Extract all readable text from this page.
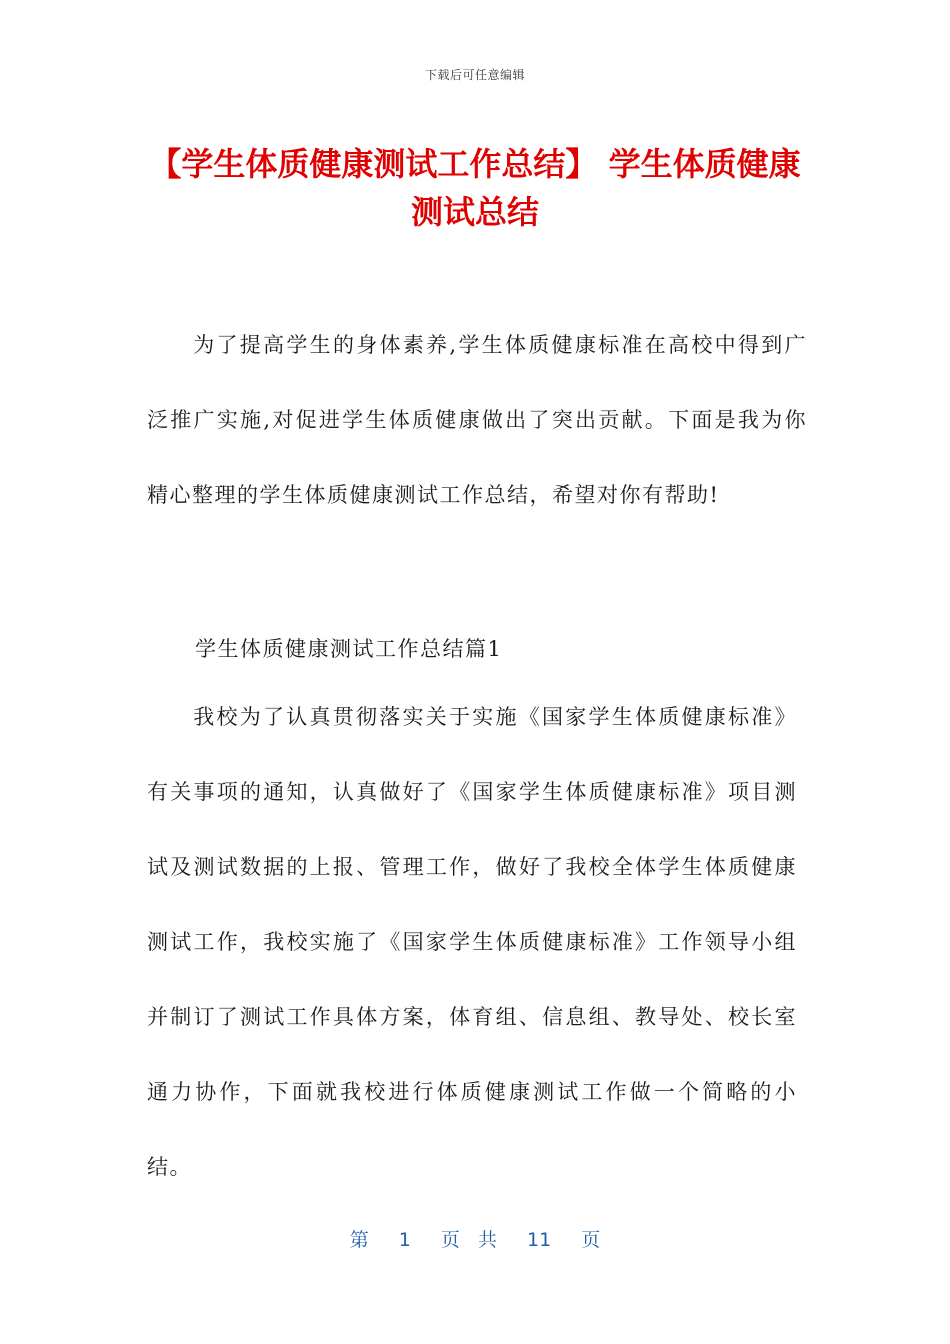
下载后可任意编辑
【学生体质健康测试工作总结】 学生体质健康测试总结

为了提高学生的身体素养,学生体质健康标准在高校中得到广泛推广实施,对促进学生体质健康做出了突出贡献。下面是我为你精心整理的学生体质健康测试工作总结，希望对你有帮助!

学生体质健康测试工作总结篇1

我校为了认真贯彻落实关于实施《国家学生体质健康标准》有关事项的通知，认真做好了《国家学生体质健康标准》项目测试及测试数据的上报、管理工作，做好了我校全体学生体质健康测试工作，我校实施了《国家学生体质健康标准》工作领导小组并制订了测试工作具体方案，体育组、信息组、教导处、校长室通力协作，下面就我校进行体质健康测试工作做一个简略的小结。

第 1 页 共 11 页
